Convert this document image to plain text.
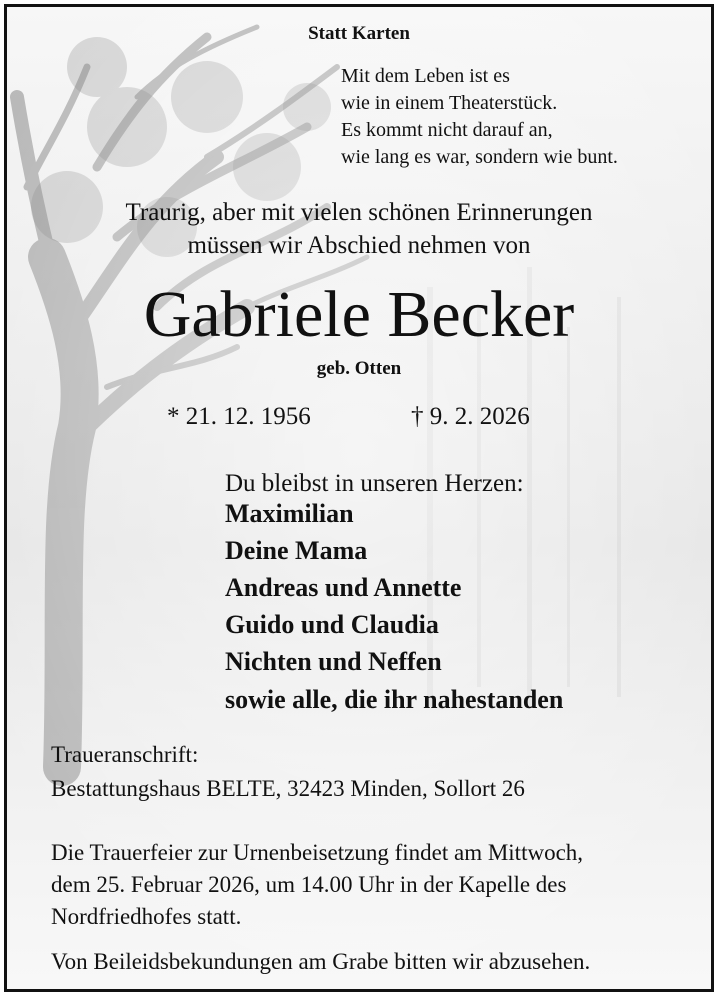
Statt Karten
Mit dem Leben ist es
wie in einem Theaterstück.
Es kommt nicht darauf an,
wie lang es war, sondern wie bunt.
Traurig, aber mit vielen schönen Erinnerungen
müssen wir Abschied nehmen von
Gabriele Becker
geb. Otten
* 21. 12. 1956	† 9. 2. 2026
Du bleibst in unseren Herzen:
Maximilian
Deine Mama
Andreas und Annette
Guido und Claudia
Nichten und Neffen
sowie alle, die ihr nahestanden
Traueranschrift:
Bestattungshaus BELTE, 32423 Minden, Sollort 26
Die Trauerfeier zur Urnenbeisetzung findet am Mittwoch,
dem 25. Februar 2026, um 14.00 Uhr in der Kapelle des
Nordfriedhofes statt.
Von Beileidsbekundungen am Grabe bitten wir abzusehen.
